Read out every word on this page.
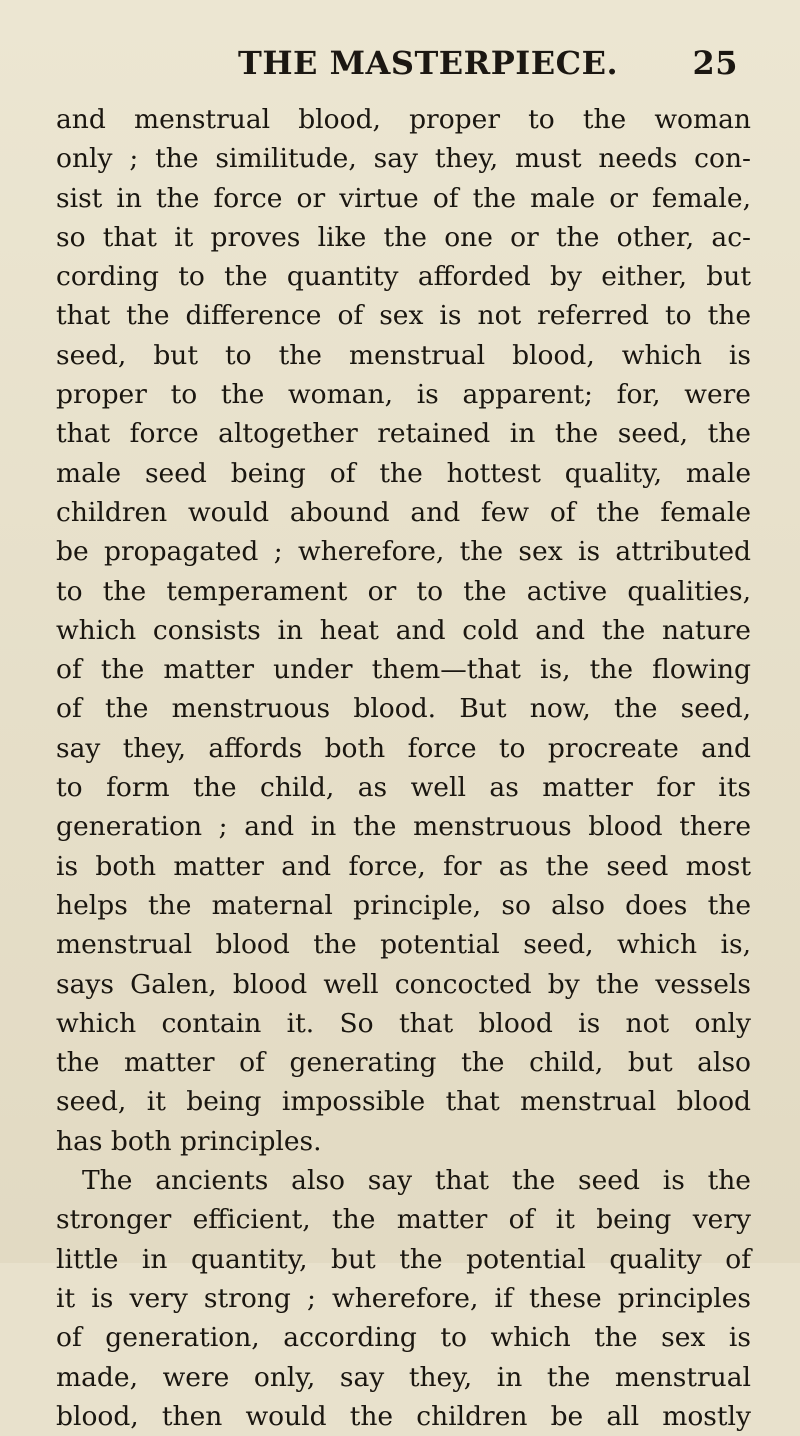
THE MASTERPIECE. 25
and menstrual blood, proper to the woman
only ; the similitude, say they, must needs con-
sist in the force or virtue of the male or female,
so that it proves like the one or the other, ac-
cording to the quantity afforded by either, but
that the difference of sex is not referred to the
seed, but to the menstrual blood, which is
proper to the woman, is apparent; for, were
that force altogether retained in the seed, the
male seed being of the hottest quality, male
children would abound and few of the female
be propagated ; wherefore, the sex is attributed
to the temperament or to the active qualities,
which consists in heat and cold and the nature
of the matter under them—that is, the flowing
of the menstruous blood. But now, the seed,
say they, affords both force to procreate and
to form the child, as well as matter for its
generation ; and in the menstruous blood there
is both matter and force, for as the seed most
helps the maternal principle, so also does the
menstrual blood the potential seed, which is,
says Galen, blood well concocted by the vessels
which contain it. So that blood is not only
the matter of generating the child, but also
seed, it being impossible that menstrual blood
has both principles.
The ancients also say that the seed is the
stronger efficient, the matter of it being very
little in quantity, but the potential quality of
it is very strong ; wherefore, if these principles
of generation, according to which the sex is
made, were only, say they, in the menstrual
blood, then would the children be all mostly
